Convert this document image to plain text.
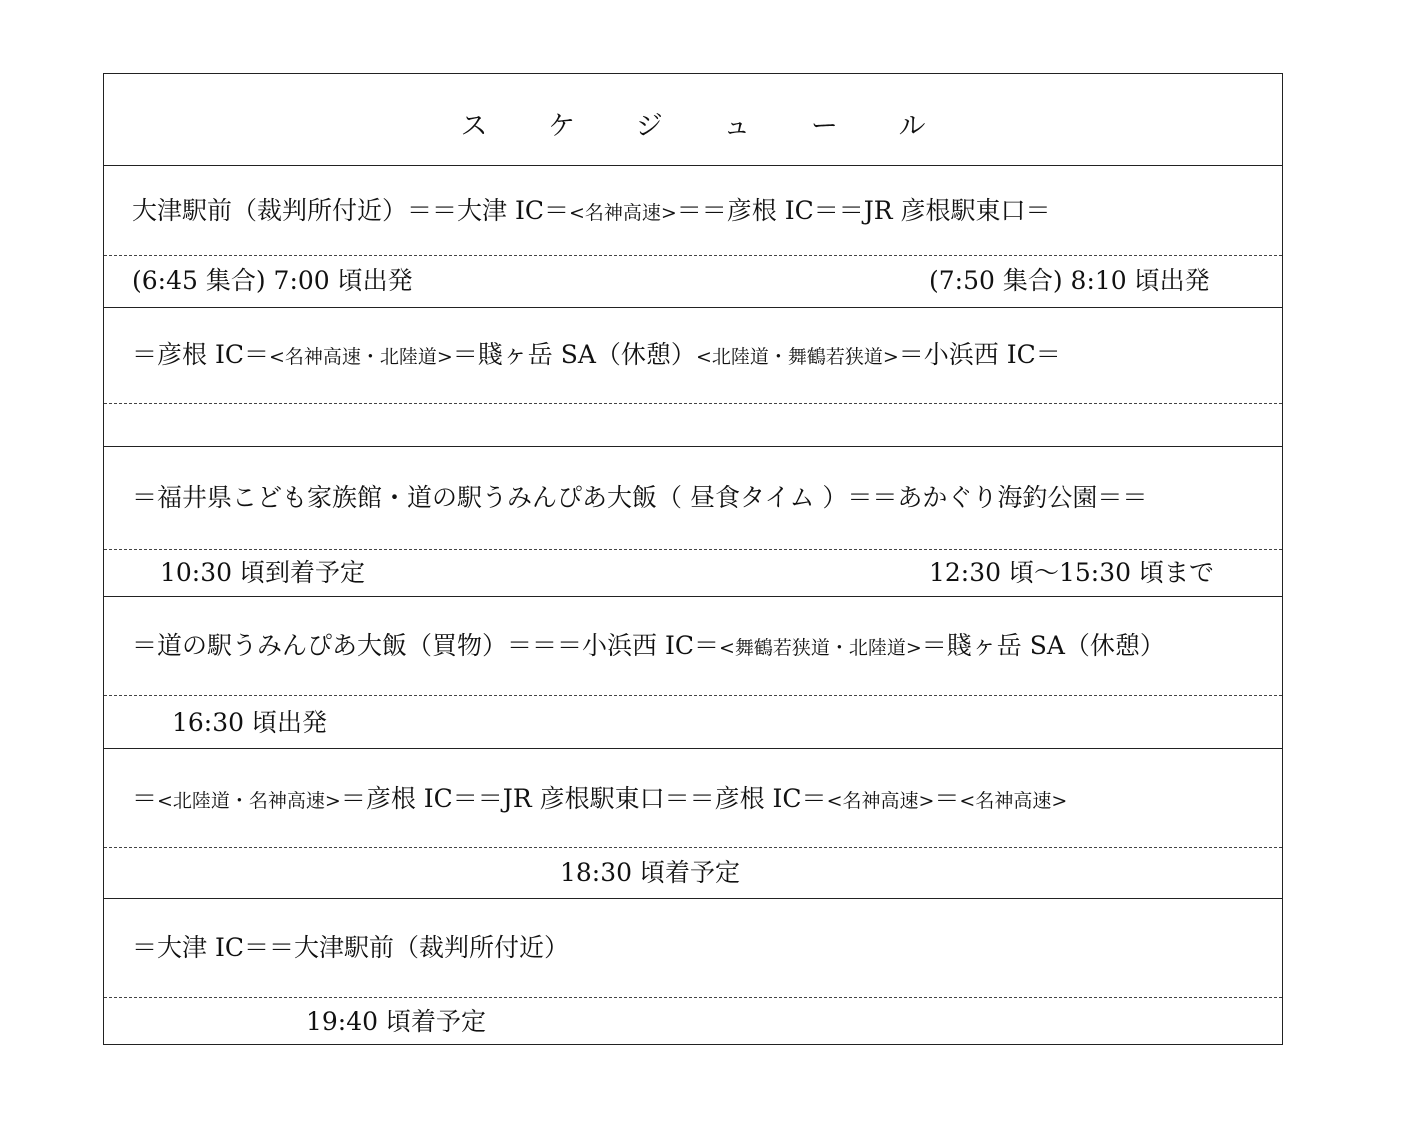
ス ケ ジ ュ ー ル
大津駅前（裁判所付近）＝＝大津 IC＝<名神高速>＝＝彦根 IC＝＝JR 彦根駅東口＝
(6:45 集合) 7:00 頃出発	(7:50 集合) 8:10 頃出発
＝彦根 IC＝<名神高速・北陸道>＝賤ヶ岳 SA（休憩）<北陸道・舞鶴若狭道>＝小浜西 IC＝
＝福井県こども家族館・道の駅うみんぴあ大飯（ 昼食タイム ）＝＝あかぐり海釣公園＝＝
10:30 頃到着予定	12:30 頃～15:30 頃まで
＝道の駅うみんぴあ大飯（買物）＝＝＝小浜西 IC＝<舞鶴若狭道・北陸道>＝賤ヶ岳 SA（休憩）
16:30 頃出発
＝<北陸道・名神高速>＝彦根 IC＝＝JR 彦根駅東口＝＝彦根 IC＝<名神高速>＝<名神高速>
18:30 頃着予定
＝大津 IC＝＝大津駅前（裁判所付近）
19:40 頃着予定
